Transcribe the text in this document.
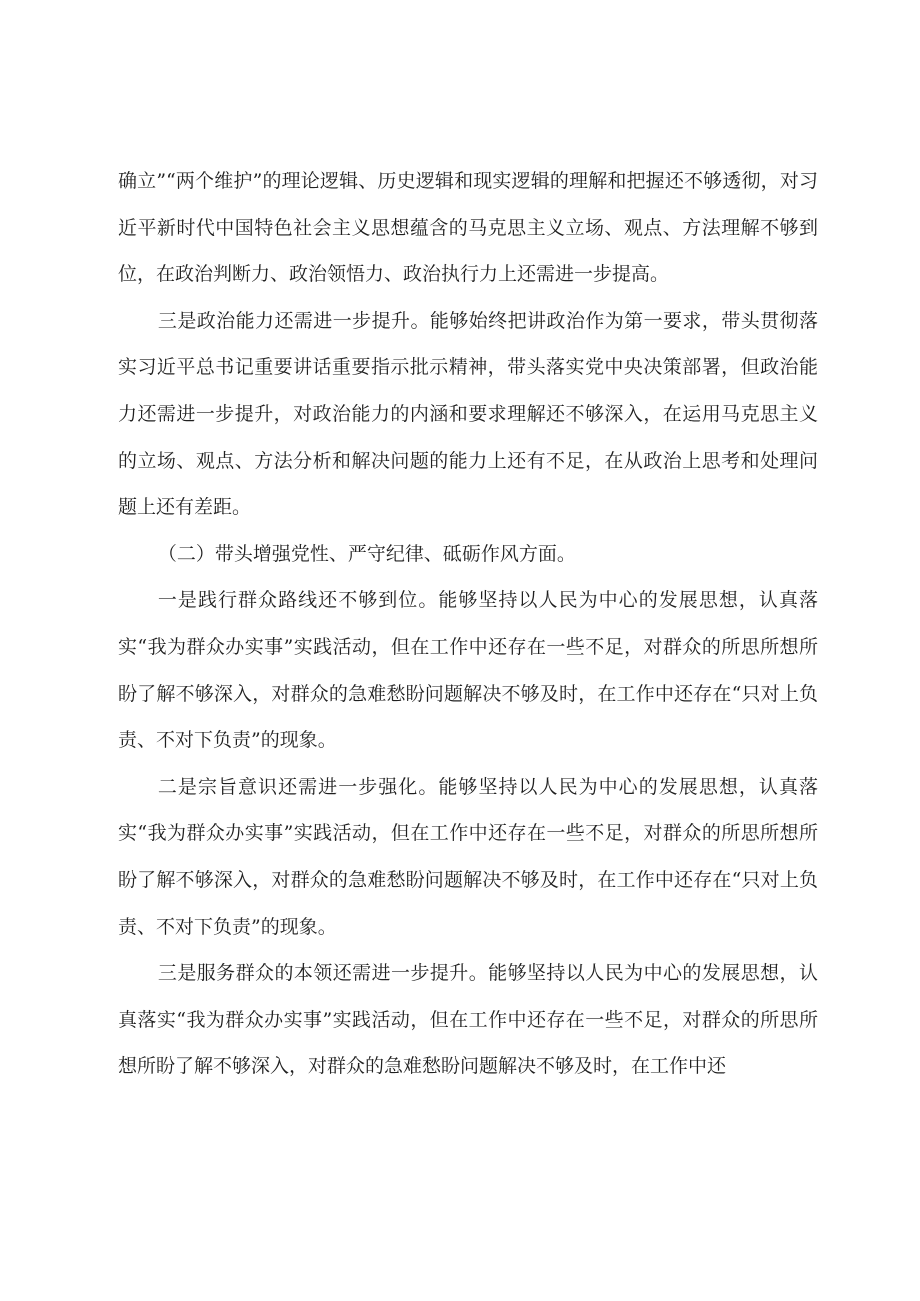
确立”“两个维护”的理论逻辑、历史逻辑和现实逻辑的理解和把握还不够透彻，对习近平新时代中国特色社会主义思想蕴含的马克思主义立场、观点、方法理解不够到位，在政治判断力、政治领悟力、政治执行力上还需进一步提高。

三是政治能力还需进一步提升。能够始终把讲政治作为第一要求，带头贯彻落实习近平总书记重要讲话重要指示批示精神，带头落实党中央决策部署，但政治能力还需进一步提升，对政治能力的内涵和要求理解还不够深入，在运用马克思主义的立场、观点、方法分析和解决问题的能力上还有不足，在从政治上思考和处理问题上还有差距。

（二）带头增强党性、严守纪律、砥砺作风方面。

一是践行群众路线还不够到位。能够坚持以人民为中心的发展思想，认真落实“我为群众办实事”实践活动，但在工作中还存在一些不足，对群众的所思所想所盼了解不够深入，对群众的急难愁盼问题解决不够及时，在工作中还存在“只对上负责、不对下负责”的现象。

二是宗旨意识还需进一步强化。能够坚持以人民为中心的发展思想，认真落实“我为群众办实事”实践活动，但在工作中还存在一些不足，对群众的所思所想所盼了解不够深入，对群众的急难愁盼问题解决不够及时，在工作中还存在“只对上负责、不对下负责”的现象。

三是服务群众的本领还需进一步提升。能够坚持以人民为中心的发展思想，认真落实“我为群众办实事”实践活动，但在工作中还存在一些不足，对群众的所思所想所盼了解不够深入，对群众的急难愁盼问题解决不够及时，在工作中还
